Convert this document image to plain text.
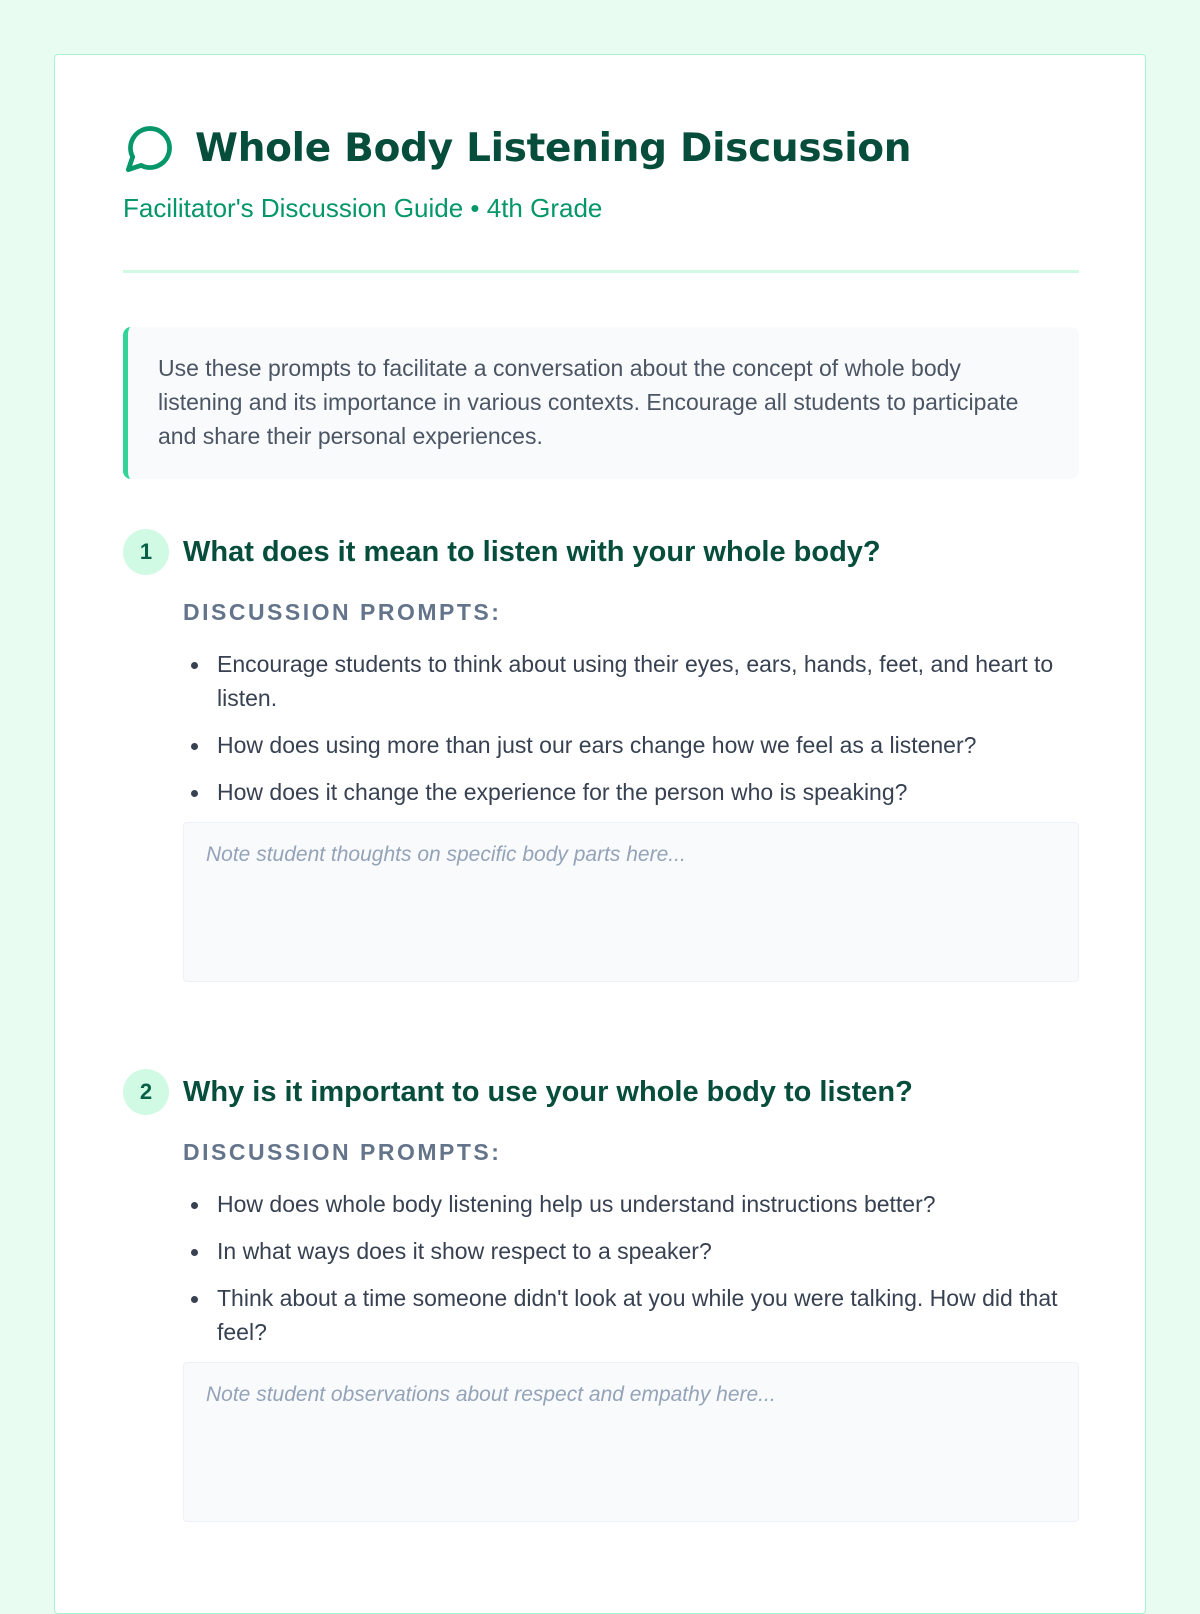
Whole Body Listening Discussion
Facilitator's Discussion Guide • 4th Grade
Use these prompts to facilitate a conversation about the concept of whole body listening and its importance in various contexts. Encourage all students to participate and share their personal experiences.
1	What does it mean to listen with your whole body?
DISCUSSION PROMPTS:
Encourage students to think about using their eyes, ears, hands, feet, and heart to listen.
How does using more than just our ears change how we feel as a listener?
How does it change the experience for the person who is speaking?
Note student thoughts on specific body parts here...
2	Why is it important to use your whole body to listen?
DISCUSSION PROMPTS:
How does whole body listening help us understand instructions better?
In what ways does it show respect to a speaker?
Think about a time someone didn't look at you while you were talking. How did that feel?
Note student observations about respect and empathy here...
